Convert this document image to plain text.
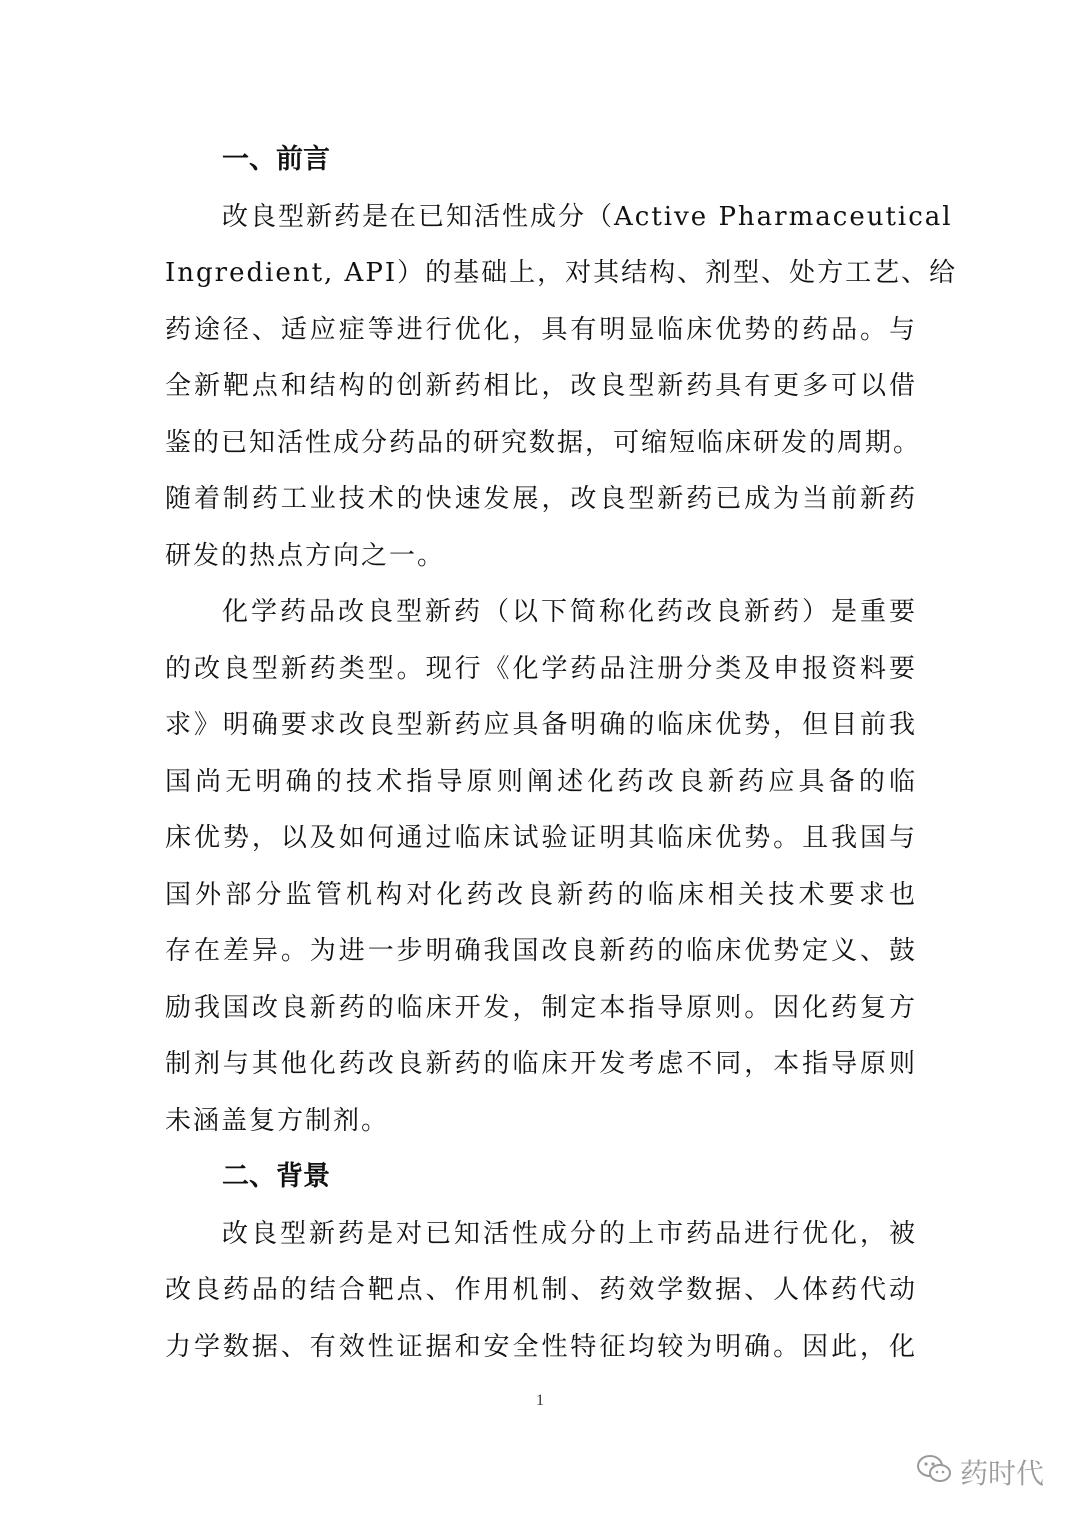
一、前言

改良型新药是在已知活性成分（Active Pharmaceutical
Ingredient, API）的基础上，对其结构、剂型、处方工艺、给
药途径、适应症等进行优化，具有明显临床优势的药品。与
全新靶点和结构的创新药相比，改良型新药具有更多可以借
鉴的已知活性成分药品的研究数据，可缩短临床研发的周期。
随着制药工业技术的快速发展，改良型新药已成为当前新药
研发的热点方向之一。

化学药品改良型新药（以下简称化药改良新药）是重要
的改良型新药类型。现行《化学药品注册分类及申报资料要
求》明确要求改良型新药应具备明确的临床优势，但目前我
国尚无明确的技术指导原则阐述化药改良新药应具备的临
床优势，以及如何通过临床试验证明其临床优势。且我国与
国外部分监管机构对化药改良新药的临床相关技术要求也
存在差异。为进一步明确我国改良新药的临床优势定义、鼓
励我国改良新药的临床开发，制定本指导原则。因化药复方
制剂与其他化药改良新药的临床开发考虑不同，本指导原则
未涵盖复方制剂。

二、背景

改良型新药是对已知活性成分的上市药品进行优化，被
改良药品的结合靶点、作用机制、药效学数据、人体药代动
力学数据、有效性证据和安全性特征均较为明确。因此，化

1
药时代
